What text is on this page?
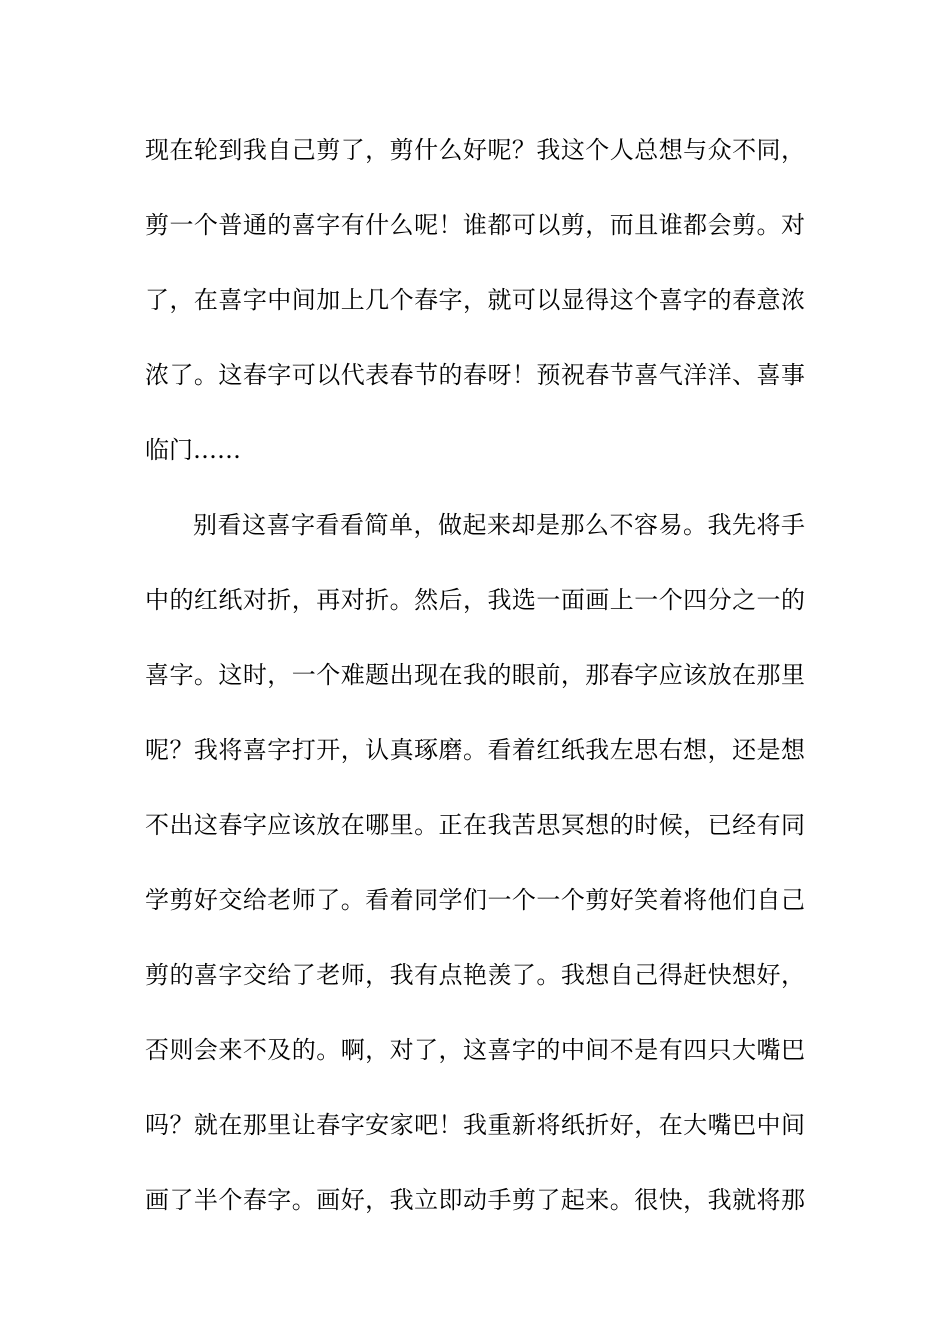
现在轮到我自己剪了，剪什么好呢？我这个人总想与众不同，

剪一个普通的喜字有什么呢！谁都可以剪，而且谁都会剪。对

了，在喜字中间加上几个春字，就可以显得这个喜字的春意浓

浓了。这春字可以代表春节的春呀！预祝春节喜气洋洋、喜事

临门……

别看这喜字看看简单，做起来却是那么不容易。我先将手

中的红纸对折，再对折。然后，我选一面画上一个四分之一的

喜字。这时，一个难题出现在我的眼前，那春字应该放在那里

呢？我将喜字打开，认真琢磨。看着红纸我左思右想，还是想

不出这春字应该放在哪里。正在我苦思冥想的时候，已经有同

学剪好交给老师了。看着同学们一个一个剪好笑着将他们自己

剪的喜字交给了老师，我有点艳羡了。我想自己得赶快想好，

否则会来不及的。啊，对了，这喜字的中间不是有四只大嘴巴

吗？就在那里让春字安家吧！我重新将纸折好，在大嘴巴中间

画了半个春字。画好，我立即动手剪了起来。很快，我就将那
